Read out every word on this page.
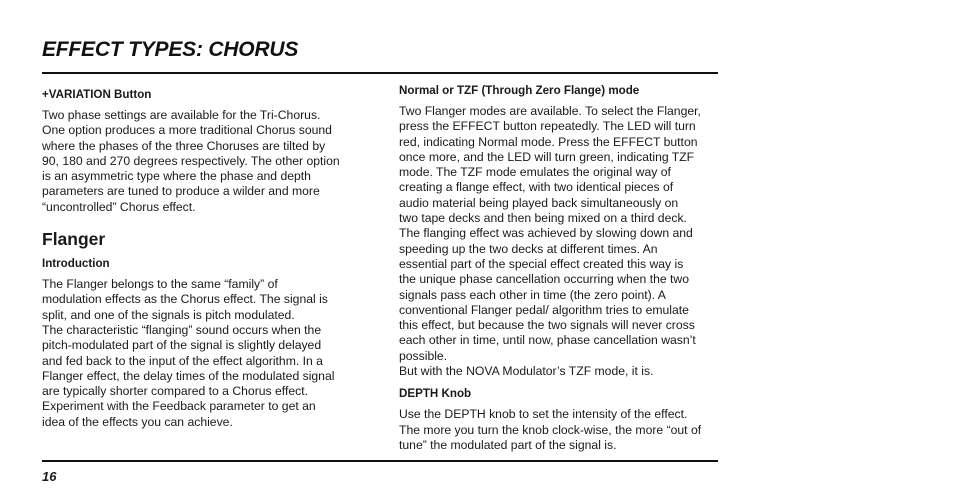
EFFECT TYPES: CHORUS
+VARIATION Button

Two phase settings are available for the Tri-Chorus.
One option produces a more traditional Chorus sound
where the phases of the three Choruses are tilted by
90, 180 and 270 degrees respectively. The other option
is an asymmetric type where the phase and depth
parameters are tuned to produce a wilder and more
“uncontrolled” Chorus effect.

Flanger
Introduction

The Flanger belongs to the same “family” of
modulation effects as the Chorus effect. The signal is
split, and one of the signals is pitch modulated.
The characteristic “flanging” sound occurs when the
pitch-modulated part of the signal is slightly delayed
and fed back to the input of the effect algorithm. In a
Flanger effect, the delay times of the modulated signal
are typically shorter compared to a Chorus effect.
Experiment with the Feedback parameter to get an
idea of the effects you can achieve.

Normal or TZF (Through Zero Flange) mode

Two Flanger modes are available. To select the Flanger,
press the EFFECT button repeatedly. The LED will turn
red, indicating Normal mode. Press the EFFECT button
once more, and the LED will turn green, indicating TZF
mode. The TZF mode emulates the original way of
creating a flange effect, with two identical pieces of
audio material being played back simultaneously on
two tape decks and then being mixed on a third deck.
The flanging effect was achieved by slowing down and
speeding up the two decks at different times. An
essential part of the special effect created this way is
the unique phase cancellation occurring when the two
signals pass each other in time (the zero point). A
conventional Flanger pedal/ algorithm tries to emulate
this effect, but because the two signals will never cross
each other in time, until now, phase cancellation wasn’t
possible.
But with the NOVA Modulator’s TZF mode, it is.

DEPTH Knob

Use the DEPTH knob to set the intensity of the effect.
The more you turn the knob clock-wise, the more “out of
tune” the modulated part of the signal is.

16
